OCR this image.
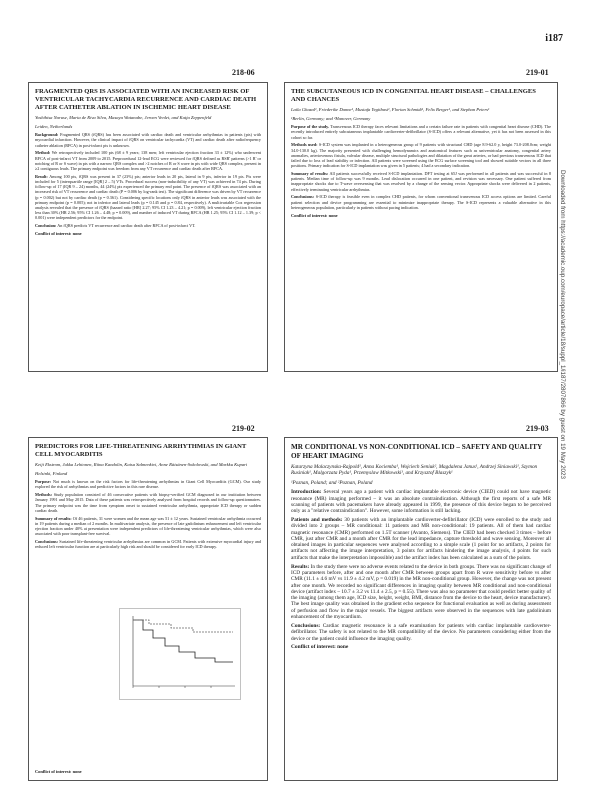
i187
Downloaded from https://academic.oup.com/europace/article/18/suppl_1/i187/2807866 by guest on 19 May 2023
218-06
FRAGMENTED QRS IS ASSOCIATED WITH AN INCREASED RISK OF VENTRICULAR TACHYCARDIA RECURRENCE AND CARDIAC DEATH AFTER CATHETER ABLATION IN ISCHEMIC HEART DISEASE
Yoshihisa Naruse, Marta de Riva Silva, Masaya Watanabe, Jeroen Venlet, and Katja Zeppenfeld
Leiden, Netherlands

Background: Fragmented QRS (fQRS) has been associated with cardiac death and ventricular arrhythmias in patients (pts) with myocardial infarction. However, the clinical impact of fQRS on ventricular tachycardia (VT) and cardiac death after radiofrequency catheter ablation (RFCA) in post-infarct pts is unknown.

Method: We retrospectively included 100 pts (68 ± 9 years; 138 men; left ventricular ejection fraction 33 ± 12%) who underwent RFCA of post-infarct VT from 2009 to 2015. Preprocedural 12-lead ECG were reviewed for fQRS defined as RSR' patterns (>1 R' or notching of R or S wave) in pts with a narrow QRS complex and >2 notches of R or S wave in pts with wide QRS complex, present in ≥2 contiguous leads. The primary endpoint was freedom from any VT recurrence and cardiac death after RFCA.

Result: Among 100 pts, fQRS was present in 37 (23%) pts; anterior leads in 20 pts, lateral in 9 pts, inferior in 19 pts. Pts were included for 5 (interquartile range [IQR] 2 – 5) VTs. Procedural success (non-inducibility of any VT) was achieved in 74 pts. During follow-up of 17 (IQR 9 – 24) months, 44 (24%) pts experienced the primary end point. The presence of fQRS was associated with an increased risk of VT recurrence and cardiac death (P = 0.006 by log-rank test). The significant difference was driven by VT recurrence (p = 0.002) but not by cardiac death (p = 0.361). Considering specific locations only fQRS in anterior leads was associated with the primary endpoint (p = 0.005); not in inferior and lateral leads (p = 0.145 and p = 0.84, respectively). A multivariable Cox regression analysis revealed that the presence of fQRS (hazard ratio [HR] 2.27; 95% CI 1.23 – 4.21; p = 0.009), left ventricular ejection fraction less than 30% (HR 2.56; 95% CI 1.26 – 4.48; p = 0.009), and number of induced VT during RFCA (HR 1.25; 95% CI 1.12 – 1.39; p < 0.001) were independent predictors for the endpoint.

Conclusion: An fQRS predicts VT recurrence and cardiac death after RFCA of post-infarct VT.

Conflict of interest: none
219-01
THE SUBCUTANEOUS ICD IN CONGENITAL HEART DISEASE – CHALLENGES AND CHANCES
Laila Ghazal¹, Friederike Danne¹, Mustafa Yegitbasi¹, Florian Schmidt¹, Felix Berger¹, and Stephan Peters¹
¹Berlin, Germany; and ²Hanover, Germany

Purpose of the study. Transvenous ICD therapy faces relevant limitations and a certain failure rate in patients with congenital heart disease (CHD). The recently introduced entirely subcutaneous implantable cardioverter-defibrillator (S-ICD) offers a relevant alternative, yet it has not been assessed in this cohort so far.

Methods used: S-ICD system was implanted in a heterogeneous group of 9 patients with structural CHD (age 8.9-62.0 y, height 73.0-208.0cm; weight 34.0-130.0 kg). The majority presented with challenging hemodynamics and anatomical features such as univentricular anatomy, congenital artery anomalies, arteriovenous fistula, valvular disease, multiple structural pathologies and dilatation of the great arteries, or had previous transvenous ICD that failed due to loss of lead stability or infection. All patients were screened using the ECG surface screening tool and showed suitable vectors in all three positions. Primary indication for S-ICD implantation was given in 5 patients; 4 had a secondary indication.

Summary of results: All patients successfully received S-ICD implantation. DFT testing at 65J was performed in all patients and was successful in 8 patients. Median time of follow-up was 9 months. Lead dislocation occurred in one patient, and revision was necessary. One patient suffered from inappropriate shocks due to T-wave oversensing that was resolved by a change of the sensing vector. Appropriate shocks were delivered in 2 patients, effectively terminating ventricular arrhythmias.

Conclusions: S-ICD therapy is feasible even in complex CHD patients, for whom conventional transvenous ICD access options are limited. Careful patient selection and device programming are essential to minimize inappropriate therapy. The S-ICD represents a valuable alternative in this heterogeneous population, particularly in patients without pacing indication.

Conflict of interest: none
219-02
PREDICTORS FOR LIFE-THREATENING ARRHYTHMIAS IN GIANT CELL MYOCARDITIS
Keiji Ekstrom, Jukka Lehtonen, Riina Kandolin, Kaisa Salmenkivi, Anne Räisänen-Sokolowski, and Markku Kupari
Helsinki, Finland

Purpose: Not much is known on the risk factors for life-threatening arrhythmias in Giant Cell Myocarditis (GCM). Our study explored the risk of arrhythmias and predictive factors in this rare disease.

Methods: Study population consisted of 46 consecutive patients with biopsy-verified GCM diagnosed in our institution between January 1991 and May 2015. Data of these patients was retrospectively analysed from hospital records and follow-up questionnaires. The primary endpoint was the time from symptom onset to sustained ventricular arrhythmia, appropriate ICD therapy or sudden cardiac death.

Summary of results: Of 46 patients, 31 were women and the mean age was 51 ± 12 years. Sustained ventricular arrhythmia occurred in 19 patients during a median of 2 months. In multivariate analysis, the presence of late gadolinium enhancement and left ventricular ejection fraction under 40% at presentation were independent predictors of life-threatening ventricular arrhythmias, which were also associated with poor transplant-free survival.

Conclusions: Sustained life-threatening ventricular arrhythmias are common in GCM. Patients with extensive myocardial injury and reduced left ventricular function are at particularly high risk and should be considered for early ICD therapy.

Conflict of interest: none
219-03
MR CONDITIONAL VS NON-CONDITIONAL ICD – SAFETY AND QUALITY OF HEART IMAGING
Katarzyna Malaczynska-Rajpold¹, Anna Kociemba¹, Wojciech Seniuk², Magdalena Janus¹, Andrzej Siniawski¹, Szymon Rusiniak¹, Malgorzata Pyda¹, Przemyslaw Mitkowski¹, and Krzysztof Blaszyk¹
¹Poznan, Poland; and ²Poznan, Poland

Introduction: Several years ago a patient with cardiac implantable electronic device (CIED) could not have magnetic resonance (MR) imaging performed – it was an absolute contraindication. Although the first reports of a safe MR scanning of patients with pacemakers have already appeared in 1999, the presence of this device began to be perceived only as a "relative contraindication". However, some information is still lacking.

Patients and methods: 30 patients with an implantable cardioverter-defibrillator (ICD) were enrolled to the study and divided into 2 groups – MR conditional: 11 patients and MR non-conditional: 19 patients. All of them had cardiac magnetic resonance (CMR) performed on 1.5T scanner (Avanto, Siemens). The CIED had been checked 3 times – before CMR, just after CMR and a month after CMR for the lead impedance, capture threshold and wave sensing. Moreover all obtained images in particular sequences were analysed according to a simple scale (1 point for no artifacts, 2 points for artifacts not affecting the image interpretation, 3 points for artifacts hindering the image analysis, 4 points for such artifacts that make the interpretation impossible) and the artifact index has been calculated as a sum of the points.

Results: In the study there were no adverse events related to the device in both groups. There was no significant change of ICD parameters before, after and one month after CMR between groups apart from R wave sensitivity before vs after CMR (11.1 ± 4.6 mV vs 11.9 ± 4.2 mV, p = 0.019) in the MR non-conditional group. However, the change was not present after one month. We recorded no significant differences in imaging quality between MR conditional and non-conditional device (artifact index – 10.7 ± 3.2 vs 11.4 ± 2.5, p = 0.55). There was also no parameter that could predict better quality of the imaging (among them age, ICD size, height, weight, BMI, distance from the device to the heart, device manufacturer). The best image quality was obtained in the gradient echo sequence for functional evaluation as well as during assessment of perfusion and flow in the major vessels. The biggest artifacts were observed in the sequences with late gadolinium enhancement of the myocardium.

Conclusions: Cardiac magnetic resonance is a safe examination for patients with cardiac implantable cardioverter-defibrillator. The safety is not related to the MR compatibility of the device. No parameters considering either from the device or the patient could influence the imaging quality.

Conflict of interest: none
